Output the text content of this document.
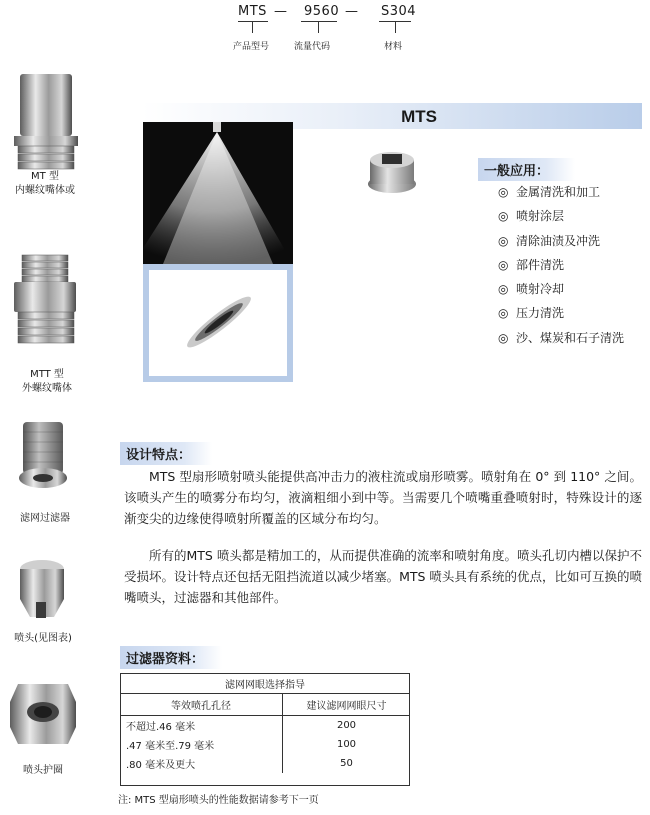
MTS — 9560 — S304
产品型号	流量代码	材料
MT 型
内螺纹嘴体或
MTT 型
外螺纹嘴体
滤网过滤器
喷头(见图表)
喷头护圈
MTS
一般应用：
◎ 金属清洗和加工
◎ 喷射涂层
◎ 清除油渍及冲洗
◎ 部件清洗
◎ 喷射冷却
◎ 压力清洗
◎ 沙、煤炭和石子清洗
设计特点：

MTS 型扇形喷射喷头能提供高冲击力的液柱流或扇形喷雾。喷射角在 0° 到 110° 之间。该喷头产生的喷雾分布均匀，液滴粗细小到中等。当需要几个喷嘴重叠喷射时，特殊设计的逐渐变尖的边缘使得喷射所覆盖的区域分布均匀。

所有的MTS 喷头都是精加工的，从而提供准确的流率和喷射角度。喷头孔切内槽以保护不受损坏。设计特点还包括无阻挡流道以减少堵塞。MTS 喷头具有系统的优点，比如可互换的喷嘴喷头，过滤器和其他部件。

过滤器资料：
滤网网眼选择指导	
等效喷孔孔径	建议滤网网眼尺寸
不超过.46 毫米	200
.47 毫米至.79 毫米	100
.80 毫米及更大	50
注: MTS 型扇形喷头的性能数据请参考下一页
